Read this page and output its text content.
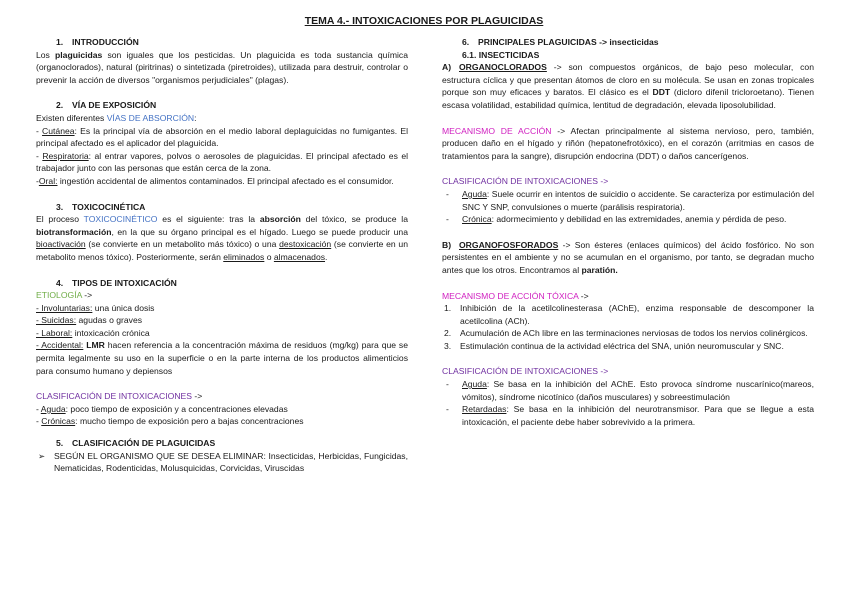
TEMA 4.- INTOXICACIONES POR PLAGUICIDAS

1. INTRODUCCIÓN

Los plaguicidas son iguales que los pesticidas. Un plaguicida es toda sustancia química (organoclorados), natural (piritrinas) o sintetizada (piretroides), utilizada para destruir, controlar o prevenir la acción de diversos "organismos perjudiciales" (plagas).

2. VÍA DE EXPOSICIÓN

Existen diferentes VÍAS DE ABSORCIÓN:

- Cutánea: Es la principal vía de absorción en el medio laboral deplaguicidas no fumigantes. El principal afectado es el aplicador del plaguicida.

- Respiratoria: al entrar vapores, polvos o aerosoles de plaguicidas. El principal afectado es el trabajador junto con las personas que están cerca de la zona.

-Oral: ingestión accidental de alimentos contaminados. El principal afectado es el consumidor.

3. TOXICOCINÉTICA

El proceso TOXICOCINÉTICO es el siguiente: tras la absorción del tóxico, se produce la biotransformación, en la que su órgano principal es el hígado. Luego se puede producir una bioactivación (se convierte en un metabolito más tóxico) o una destoxicación (se convierte en un metabolito menos tóxico). Posteriormente, serán eliminados o almacenados.

4. TIPOS DE INTOXICACIÓN

ETIOLOGÍA ->

- Involuntarias: una única dosis

- Suicidas: agudas o graves

- Laboral: intoxicación crónica

- Accidental: LMR hacen referencia a la concentración máxima de residuos (mg/kg) para que se permita legalmente su uso en la superficie o en la parte interna de los productos alimenticios para consumo humano y depiensos

CLASIFICACIÓN DE INTOXICACIONES ->

- Aguda: poco tiempo de exposición y a concentraciones elevadas

- Crónicas: mucho tiempo de exposición pero a bajas concentraciones

5. CLASIFICACIÓN DE PLAGUICIDAS

➢ SEGÚN EL ORGANISMO QUE SE DESEA ELIMINAR: Insecticidas, Herbicidas, Fungicidas, Nematicidas, Rodenticidas, Molusquicidas, Corvicidas, Viruscidas

6. PRINCIPALES PLAGUICIDAS -> insecticidas

6.1. INSECTICIDAS

A) ORGANOCLORADOS -> son compuestos orgánicos, de bajo peso molecular, con estructura cíclica y que presentan átomos de cloro en su molécula. Se usan en zonas tropicales porque son muy eficaces y baratos. El clásico es el DDT (dicloro difenil tricloroetano). Tienen escasa volatilidad, estabilidad química, lentitud de degradación, elevada liposolubilidad.

MECANISMO DE ACCIÓN -> Afectan principalmente al sistema nervioso, pero, también, producen daño en el hígado y riñón (hepatonefrotóxico), en el corazón (arritmias en casos de tratamientos para la sangre), disrupción endocrina (DDT) o daños cancerígenos.

CLASIFICACIÓN DE INTOXICACIONES ->

- Aguda: Suele ocurrir en intentos de suicidio o accidente. Se caracteriza por estimulación del SNC Y SNP, convulsiones o muerte (parálisis respiratoria).

- Crónica: adormecimiento y debilidad en las extremidades, anemia y pérdida de peso.

B) ORGANOFOSFORADOS -> Son ésteres (enlaces químicos) del ácido fosfórico. No son persistentes en el ambiente y no se acumulan en el organismo, por tanto, se degradan mucho antes que los otros. Encontramos al paratión.

MECANISMO DE ACCIÓN TÓXICA ->

1. Inhibición de la acetilcolinesterasa (AChE), enzima responsable de descomponer la acetilcolina (ACh).

2. Acumulación de ACh libre en las terminaciones nerviosas de todos los nervios colinérgicos.

3. Estimulación continua de la actividad eléctrica del SNA, unión neuromuscular y SNC.

CLASIFICACIÓN DE INTOXICACIONES ->

- Aguda: Se basa en la inhibición del AChE. Esto provoca síndrome nuscarínico(mareos, vómitos), síndrome nicotínico (daños musculares) y sobreestimulación

- Retardadas: Se basa en la inhibición del neurotransmisor. Para que se llegue a esta intoxicación, el paciente debe haber sobrevivido a la primera.
